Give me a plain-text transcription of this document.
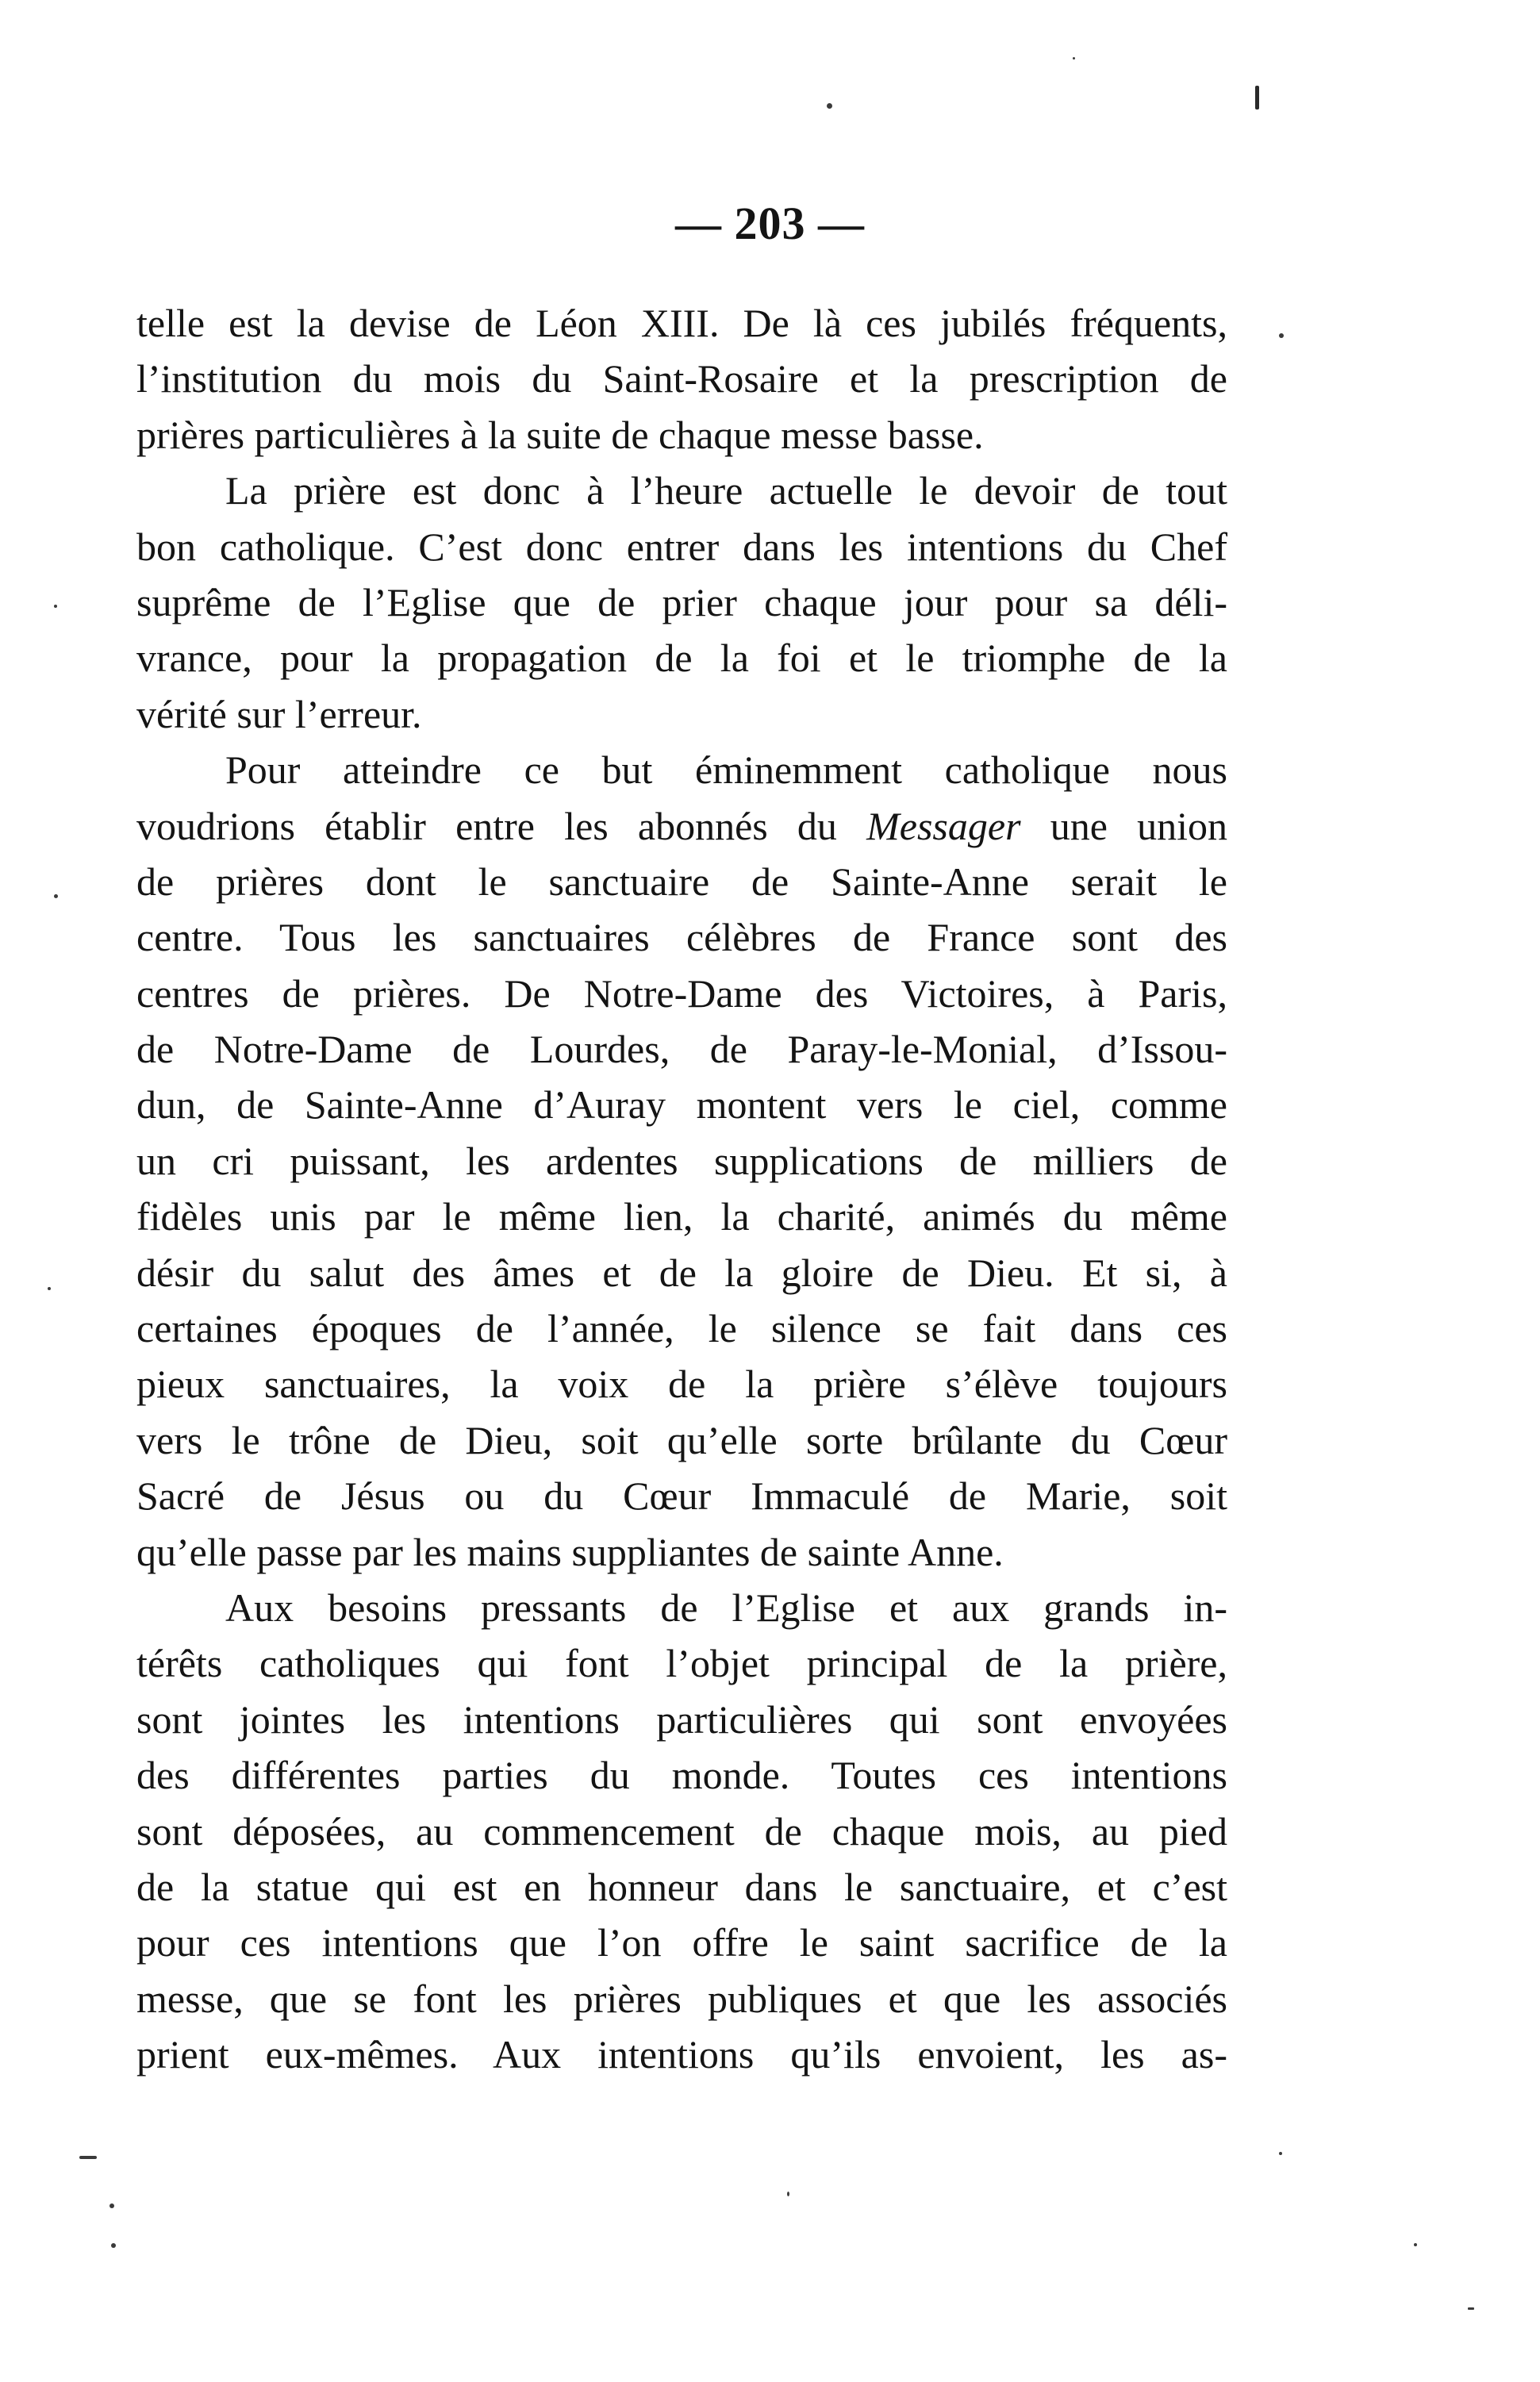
— 203 —
telle est la devise de Léon XIII. De là ces jubilés fréquents,
l’institution du mois du Saint-Rosaire et la prescription de
prières particulières à la suite de chaque messe basse.
La prière est donc à l’heure actuelle le devoir de tout
bon catholique. C’est donc entrer dans les intentions du Chef
suprême de l’Eglise que de prier chaque jour pour sa déli-
vrance, pour la propagation de la foi et le triomphe de la
vérité sur l’erreur.
Pour atteindre ce but éminemment catholique nous
voudrions établir entre les abonnés du Messager une union
de prières dont le sanctuaire de Sainte-Anne serait le
centre. Tous les sanctuaires célèbres de France sont des
centres de prières. De Notre-Dame des Victoires, à Paris,
de Notre-Dame de Lourdes, de Paray-le-Monial, d’Issou-
dun, de Sainte-Anne d’Auray montent vers le ciel, comme
un cri puissant, les ardentes supplications de milliers de
fidèles unis par le même lien, la charité, animés du même
désir du salut des âmes et de la gloire de Dieu. Et si, à
certaines époques de l’année, le silence se fait dans ces
pieux sanctuaires, la voix de la prière s’élève toujours
vers le trône de Dieu, soit qu’elle sorte brûlante du Cœur
Sacré de Jésus ou du Cœur Immaculé de Marie, soit
qu’elle passe par les mains suppliantes de sainte Anne.
Aux besoins pressants de l’Eglise et aux grands in-
térêts catholiques qui font l’objet principal de la prière,
sont jointes les intentions particulières qui sont envoyées
des différentes parties du monde. Toutes ces intentions
sont déposées, au commencement de chaque mois, au pied
de la statue qui est en honneur dans le sanctuaire, et c’est
pour ces intentions que l’on offre le saint sacrifice de la
messe, que se font les prières publiques et que les associés
prient eux-mêmes. Aux intentions qu’ils envoient, les as-
